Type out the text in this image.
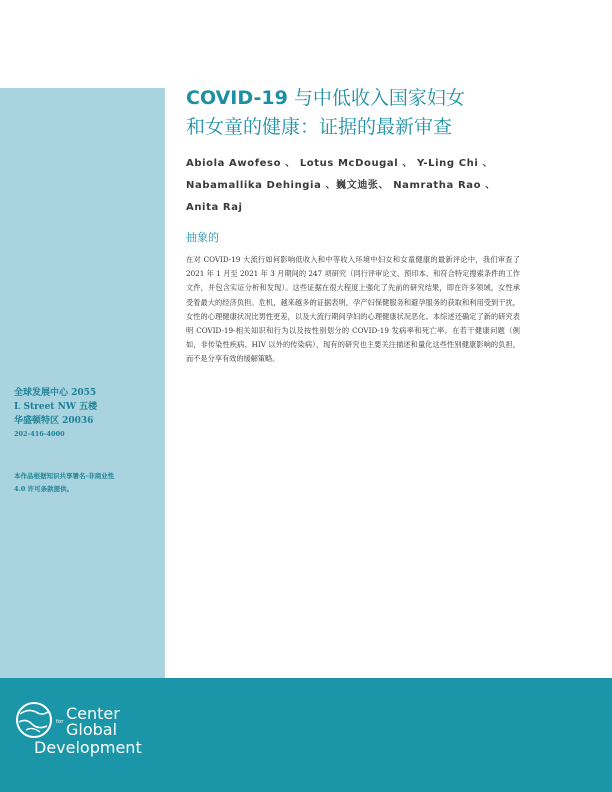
COVID-19 与中低收入国家妇女
和女童的健康：证据的最新审查
Abiola Awofeso 、 Lotus McDougal 、 Y-Ling Chi 、
Nabamallika Dehingia 、巍文迪张、 Namratha Rao 、
Anita Raj
抽象的
在对 COVID-19 大流行如何影响低收入和中等收入环境中妇女和女童健康的最新评论中，我们审查了 2021 年 1 月至 2021 年 3 月期间的 247 项研究（同行评审论文、预印本、和符合特定搜索条件的工作文件，并包含实证分析和发现）。这些证据在很大程度上强化了先前的研究结果，即在许多领域，女性承受着最大的经济负担。危机，越来越多的证据表明，孕产妇保健服务和避孕服务的获取和利用受到干扰，女性的心理健康状况比男性更差，以及大流行期间孕妇的心理健康状况恶化。本综述还确定了新的研究表明 COVID-19-相关知识和行为以及按性别划分的 COVID-19 发病率和死亡率。在若干健康问题（例如，非传染性疾病、HIV 以外的传染病），现有的研究也主要关注描述和量化这些性别健康影响的负担，而不是分享有效的缓解策略。
全球发展中心 2055
L Street NW 五楼
华盛顿特区 20036
202-416-4000
本作品根据知识共享署名-非商业性
4.0 许可条款提供。
Center
for Global
Development
